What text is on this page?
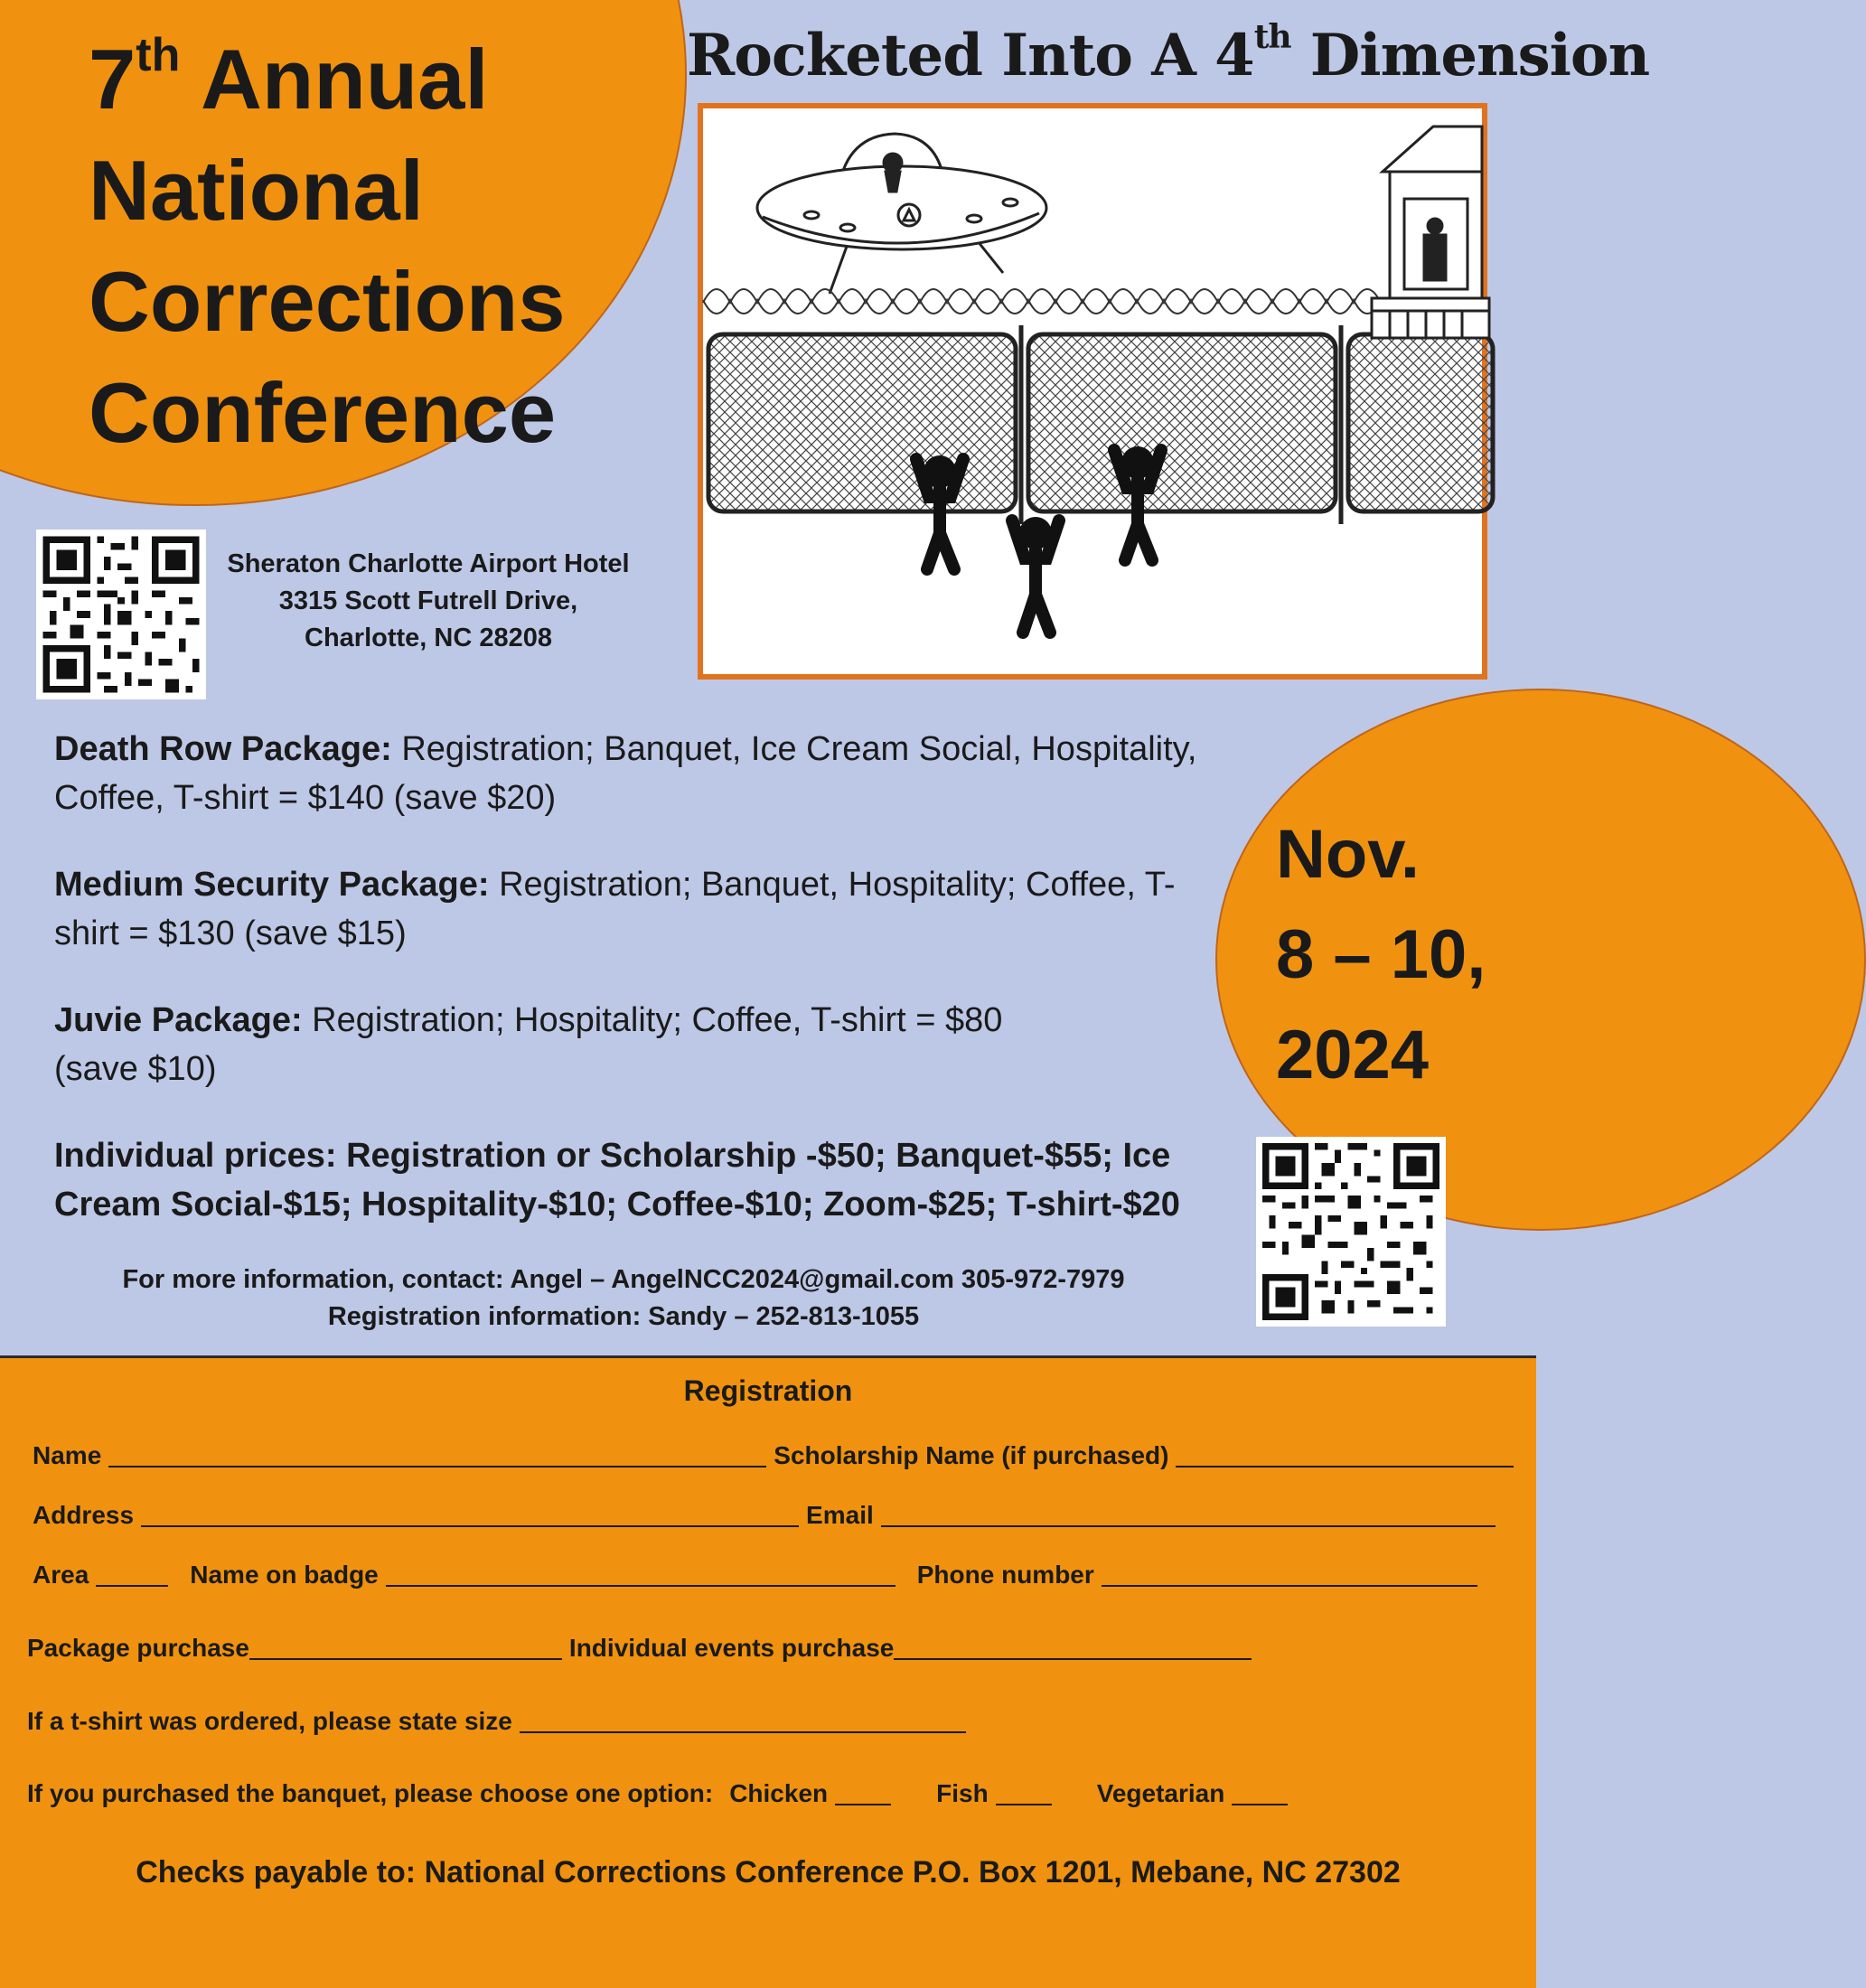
7th Annual
National
Corrections
Conference
Rocketed Into A 4th Dimension
Sheraton Charlotte Airport Hotel
3315 Scott Futrell Drive,
Charlotte, NC 28208

Death Row Package: Registration; Banquet, Ice Cream Social, Hospitality, Coffee, T-shirt = $140 (save $20)

Medium Security Package: Registration; Banquet, Hospitality; Coffee, T-shirt = $130 (save $15)

Juvie Package: Registration; Hospitality; Coffee, T-shirt = $80 (save $10)

Individual prices: Registration or Scholarship -$50; Banquet-$55; Ice Cream Social-$15; Hospitality-$10; Coffee-$10; Zoom-$25; T-shirt-$20

Nov.
8 – 10,
2024
For more information, contact: Angel – AngelNCC2024@gmail.com 305-972-7979
Registration information: Sandy – 252-813-1055
Registration
Name	Scholarship Name (if purchased)
Address	Email
Area	Name on badge	Phone number
Package purchase	Individual events purchase
If a t-shirt was ordered, please state size
If you purchased the banquet, please choose one option: Chicken	Fish	Vegetarian
Checks payable to: National Corrections Conference P.O. Box 1201, Mebane, NC 27302
